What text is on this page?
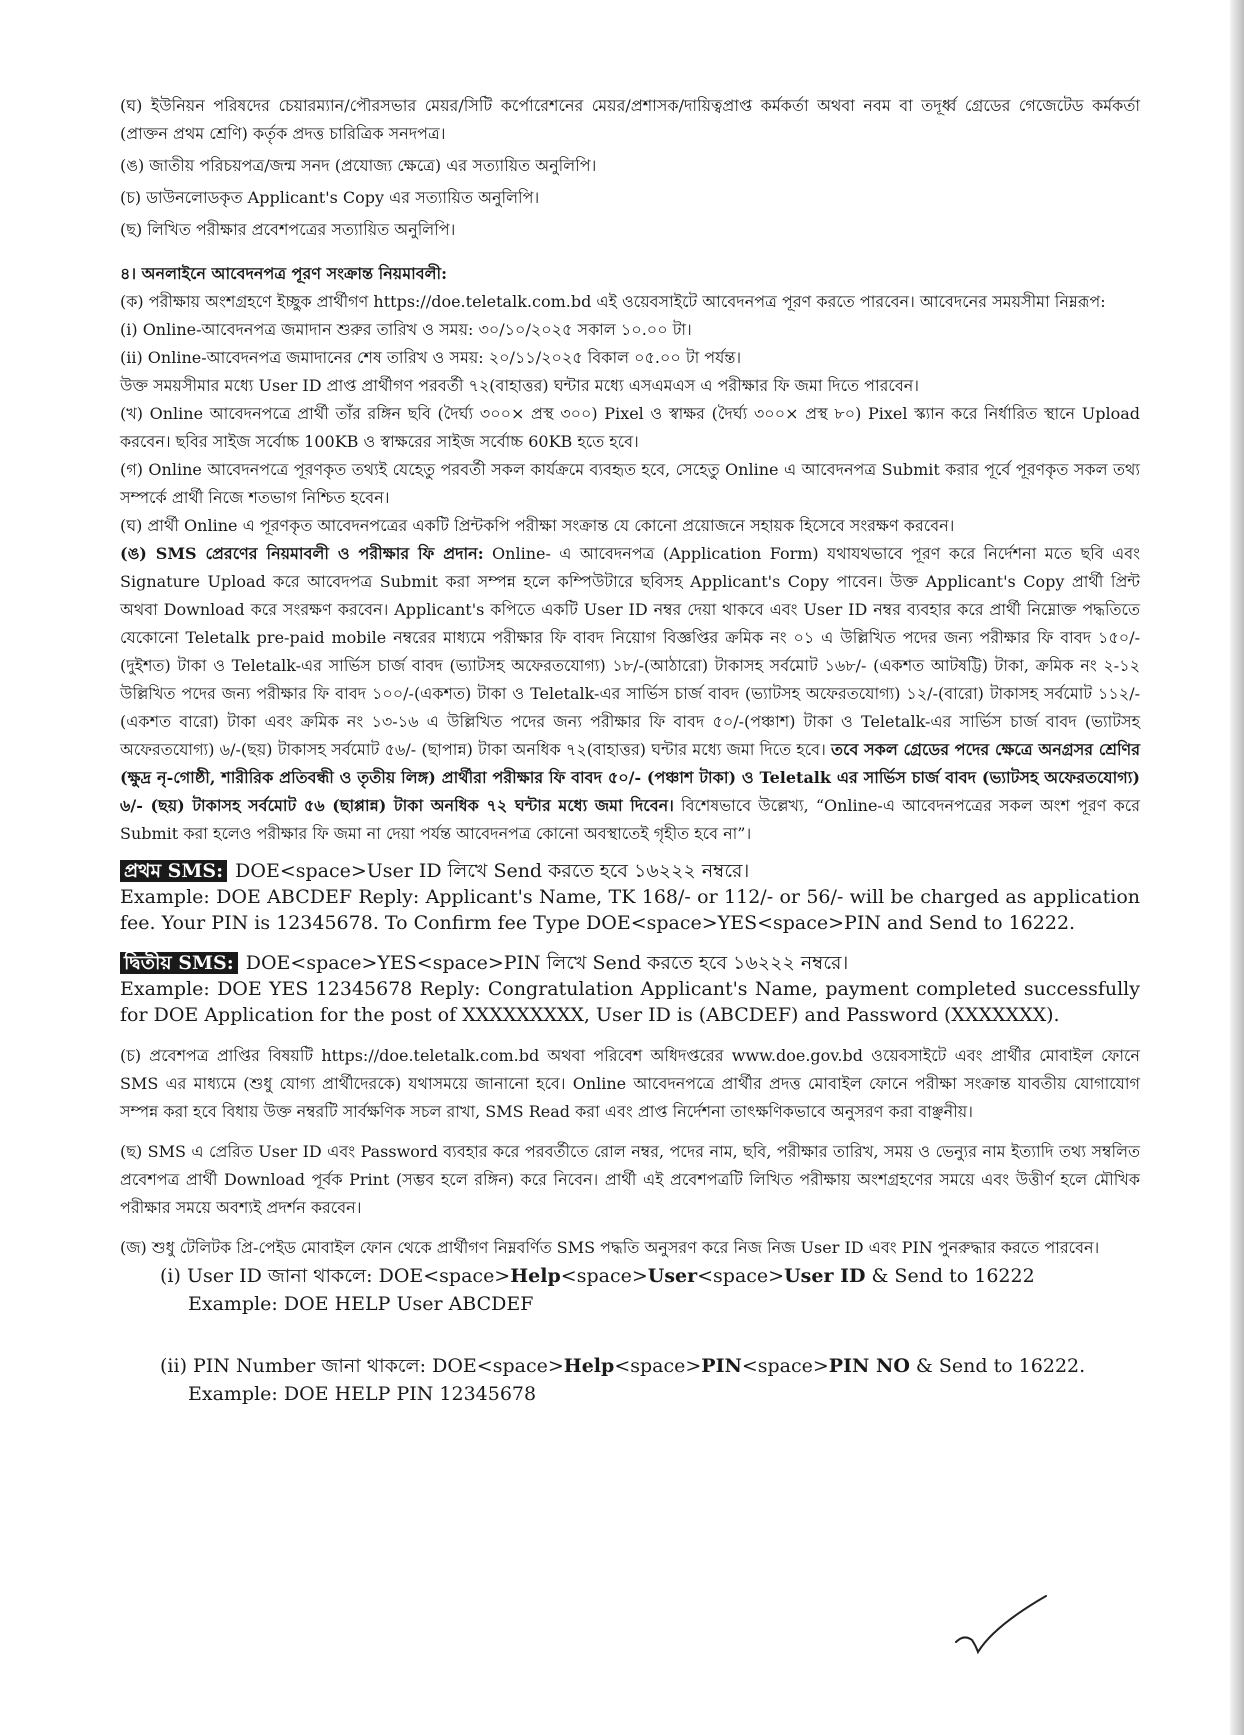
(ঘ) ইউনিয়ন পরিষদের চেয়ারম্যান/পৌরসভার মেয়র/সিটি কর্পোরেশনের মেয়র/প্রশাসক/দায়িত্বপ্রাপ্ত কর্মকর্তা অথবা নবম বা তদূর্ধ্ব গ্রেডের গেজেটেড কর্মকর্তা (প্রাক্তন প্রথম শ্রেণি) কর্তৃক প্রদত্ত চারিত্রিক সনদপত্র।

(ঙ) জাতীয় পরিচয়পত্র/জন্ম সনদ (প্রযোজ্য ক্ষেত্রে) এর সত্যায়িত অনুলিপি।

(চ) ডাউনলোডকৃত Applicant's Copy এর সত্যায়িত অনুলিপি।

(ছ) লিখিত পরীক্ষার প্রবেশপত্রের সত্যায়িত অনুলিপি।

৪। অনলাইনে আবেদনপত্র পূরণ সংক্রান্ত নিয়মাবলী:

(ক) পরীক্ষায় অংশগ্রহণে ইচ্ছুক প্রার্থীগণ https://doe.teletalk.com.bd এই ওয়েবসাইটে আবেদনপত্র পূরণ করতে পারবেন। আবেদনের সময়সীমা নিম্নরূপ:

(i) Online-আবেদনপত্র জমাদান শুরুর তারিখ ও সময়: ৩০/১০/২০২৫ সকাল ১০.০০ টা।

(ii) Online-আবেদনপত্র জমাদানের শেষ তারিখ ও সময়: ২০/১১/২০২৫ বিকাল ০৫.০০ টা পর্যন্ত।

উক্ত সময়সীমার মধ্যে User ID প্রাপ্ত প্রার্থীগণ পরবর্তী ৭২(বাহাত্তর) ঘন্টার মধ্যে এসএমএস এ পরীক্ষার ফি জমা দিতে পারবেন।

(খ) Online আবেদনপত্রে প্রার্থী তাঁর রঙ্গিন ছবি (দৈর্ঘ্য ৩০০× প্রস্থ ৩০০) Pixel ও স্বাক্ষর (দৈর্ঘ্য ৩০০× প্রস্থ ৮০) Pixel স্ক্যান করে নির্ধারিত স্থানে Upload করবেন। ছবির সাইজ সর্বোচ্চ 100KB ও স্বাক্ষরের সাইজ সর্বোচ্চ 60KB হতে হবে।

(গ) Online আবেদনপত্রে পূরণকৃত তথ্যই যেহেতু পরবর্তী সকল কার্যক্রমে ব্যবহৃত হবে, সেহেতু Online এ আবেদনপত্র Submit করার পূর্বে পূরণকৃত সকল তথ্য সম্পর্কে প্রার্থী নিজে শতভাগ নিশ্চিত হবেন।

(ঘ) প্রার্থী Online এ পূরণকৃত আবেদনপত্রের একটি প্রিন্টকপি পরীক্ষা সংক্রান্ত যে কোনো প্রয়োজনে সহায়ক হিসেবে সংরক্ষণ করবেন।

(ঙ) SMS প্রেরণের নিয়মাবলী ও পরীক্ষার ফি প্রদান: Online- এ আবেদনপত্র (Application Form) যথাযথভাবে পূরণ করে নির্দেশনা মতে ছবি এবং Signature Upload করে আবেদপত্র Submit করা সম্পন্ন হলে কম্পিউটারে ছবিসহ Applicant's Copy পাবেন। উক্ত Applicant's Copy প্রার্থী প্রিন্ট অথবা Download করে সংরক্ষণ করবেন। Applicant's কপিতে একটি User ID নম্বর দেয়া থাকবে এবং User ID নম্বর ব্যবহার করে প্রার্থী নিম্নোক্ত পদ্ধতিতে যেকোনো Teletalk pre-paid mobile নম্বরের মাধ্যমে পরীক্ষার ফি বাবদ নিয়োগ বিজ্ঞপ্তির ক্রমিক নং ০১ এ উল্লিখিত পদের জন্য পরীক্ষার ফি বাবদ ১৫০/-(দুইশত) টাকা ও Teletalk-এর সার্ভিস চার্জ বাবদ (ভ্যাটসহ অফেরতযোগ্য) ১৮/-(আঠারো) টাকাসহ সর্বমোট ১৬৮/- (একশত আটষট্টি) টাকা, ক্রমিক নং ২-১২ উল্লিখিত পদের জন্য পরীক্ষার ফি বাবদ ১০০/-(একশত) টাকা ও Teletalk-এর সার্ভিস চার্জ বাবদ (ভ্যাটসহ অফেরতযোগ্য) ১২/-(বারো) টাকাসহ সর্বমোট ১১২/- (একশত বারো) টাকা এবং ক্রমিক নং ১৩-১৬ এ উল্লিখিত পদের জন্য পরীক্ষার ফি বাবদ ৫০/-(পঞ্চাশ) টাকা ও Teletalk-এর সার্ভিস চার্জ বাবদ (ভ্যাটসহ অফেরতযোগ্য) ৬/-(ছয়) টাকাসহ সর্বমোট ৫৬/- (ছাপান্ন) টাকা অনধিক ৭২(বাহাত্তর) ঘন্টার মধ্যে জমা দিতে হবে। তবে সকল গ্রেডের পদের ক্ষেত্রে অনগ্রসর শ্রেণির (ক্ষুদ্র নৃ-গোষ্ঠী, শারীরিক প্রতিবন্ধী ও তৃতীয় লিঙ্গ) প্রার্থীরা পরীক্ষার ফি বাবদ ৫০/- (পঞ্চাশ টাকা) ও Teletalk এর সার্ভিস চার্জ বাবদ (ভ্যাটসহ অফেরতযোগ্য) ৬/- (ছয়) টাকাসহ সর্বমোট ৫৬ (ছাপ্পান্ন) টাকা অনধিক ৭২ ঘন্টার মধ্যে জমা দিবেন। বিশেষভাবে উল্লেখ্য, “Online-এ আবেদনপত্রের সকল অংশ পূরণ করে Submit করা হলেও পরীক্ষার ফি জমা না দেয়া পর্যন্ত আবেদনপত্র কোনো অবস্থাতেই গৃহীত হবে না”।

প্রথম SMS: DOE<space>User ID লিখে Send করতে হবে ১৬২২২ নম্বরে।

Example: DOE ABCDEF Reply: Applicant's Name, TK 168/- or 112/- or 56/- will be charged as application fee. Your PIN is 12345678. To Confirm fee Type DOE<space>YES<space>PIN and Send to 16222.

দ্বিতীয় SMS: DOE<space>YES<space>PIN লিখে Send করতে হবে ১৬২২২ নম্বরে।

Example: DOE YES 12345678 Reply: Congratulation Applicant's Name, payment completed successfully for DOE Application for the post of XXXXXXXXX, User ID is (ABCDEF) and Password (XXXXXXX).

(চ) প্রবেশপত্র প্রাপ্তির বিষয়টি https://doe.teletalk.com.bd অথবা পরিবেশ অধিদপ্তরের www.doe.gov.bd ওয়েবসাইটে এবং প্রার্থীর মোবাইল ফোনে SMS এর মাধ্যমে (শুধু যোগ্য প্রার্থীদেরকে) যথাসময়ে জানানো হবে। Online আবেদনপত্রে প্রার্থীর প্রদত্ত মোবাইল ফোনে পরীক্ষা সংক্রান্ত যাবতীয় যোগাযোগ সম্পন্ন করা হবে বিধায় উক্ত নম্বরটি সার্বক্ষণিক সচল রাখা, SMS Read করা এবং প্রাপ্ত নির্দেশনা তাৎক্ষণিকভাবে অনুসরণ করা বাঞ্ছনীয়।

(ছ) SMS এ প্রেরিত User ID এবং Password ব্যবহার করে পরবর্তীতে রোল নম্বর, পদের নাম, ছবি, পরীক্ষার তারিখ, সময় ও ভেন্যুর নাম ইত্যাদি তথ্য সম্বলিত প্রবেশপত্র প্রার্থী Download পূর্বক Print (সম্ভব হলে রঙ্গিন) করে নিবেন। প্রার্থী এই প্রবেশপত্রটি লিখিত পরীক্ষায় অংশগ্রহণের সময়ে এবং উত্তীর্ণ হলে মৌখিক পরীক্ষার সময়ে অবশ্যই প্রদর্শন করবেন।

(জ) শুধু টেলিটক প্রি-পেইড মোবাইল ফোন থেকে প্রার্থীগণ নিম্নবর্ণিত SMS পদ্ধতি অনুসরণ করে নিজ নিজ User ID এবং PIN পুনরুদ্ধার করতে পারবেন।

(i) User ID জানা থাকলে: DOE<space>Help<space>User<space>User ID & Send to 16222
Example: DOE HELP User ABCDEF
(ii) PIN Number জানা থাকলে: DOE<space>Help<space>PIN<space>PIN NO & Send to 16222.
Example: DOE HELP PIN 12345678
